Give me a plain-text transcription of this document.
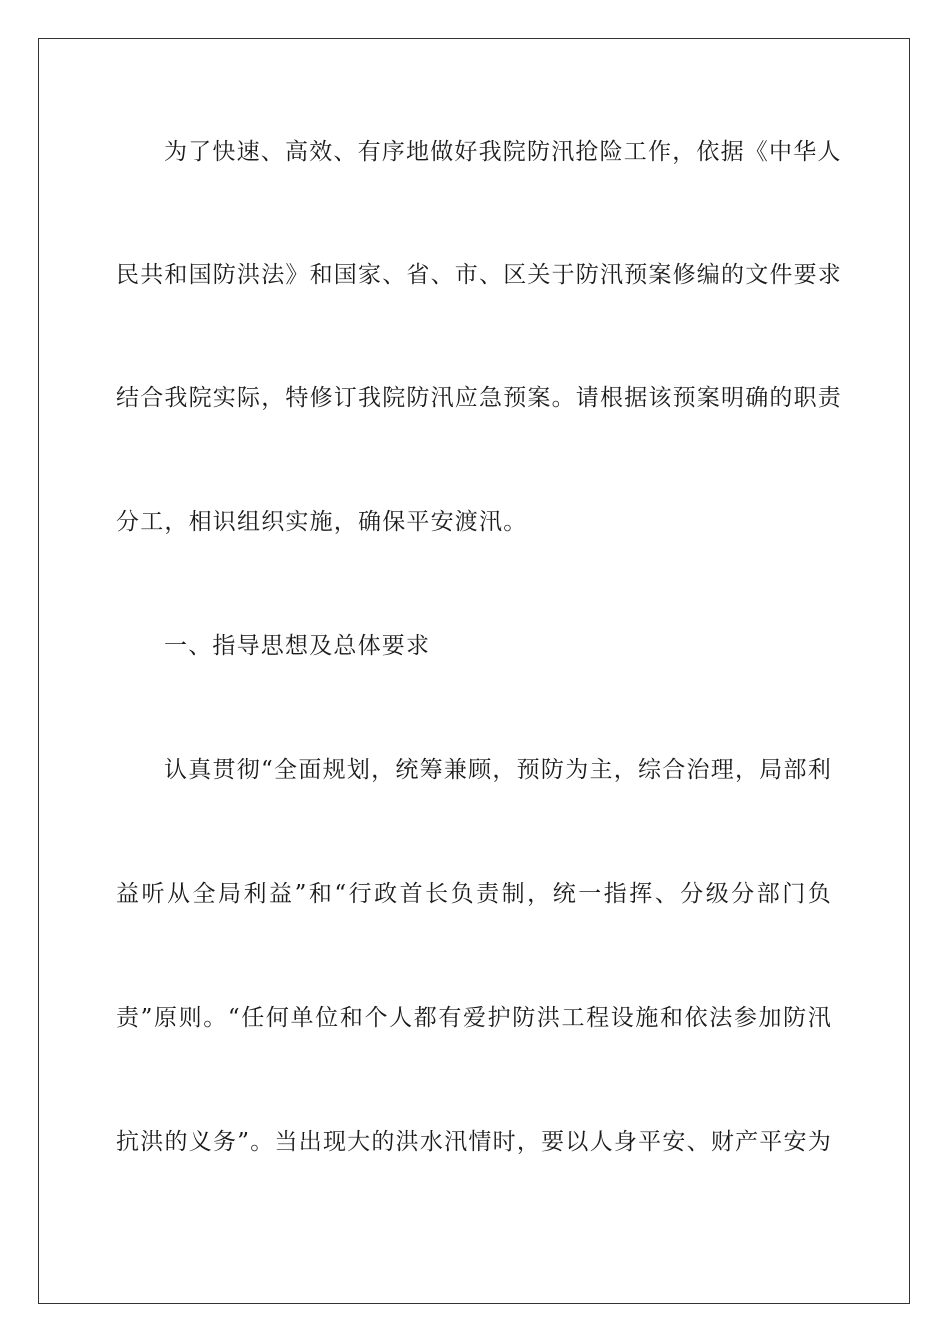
为了快速、高效、有序地做好我院防汛抢险工作，依据《中华人
民共和国防洪法》和国家、省、市、区关于防汛预案修编的文件要求
结合我院实际，特修订我院防汛应急预案。请根据该预案明确的职责
分工，相识组织实施，确保平安渡汛。
一、指导思想及总体要求
认真贯彻“全面规划，统筹兼顾，预防为主，综合治理，局部利
益听从全局利益”和“行政首长负责制，统一指挥、分级分部门负
责”原则。“任何单位和个人都有爱护防洪工程设施和依法参加防汛
抗洪的义务”。当出现大的洪水汛情时，要以人身平安、财产平安为
